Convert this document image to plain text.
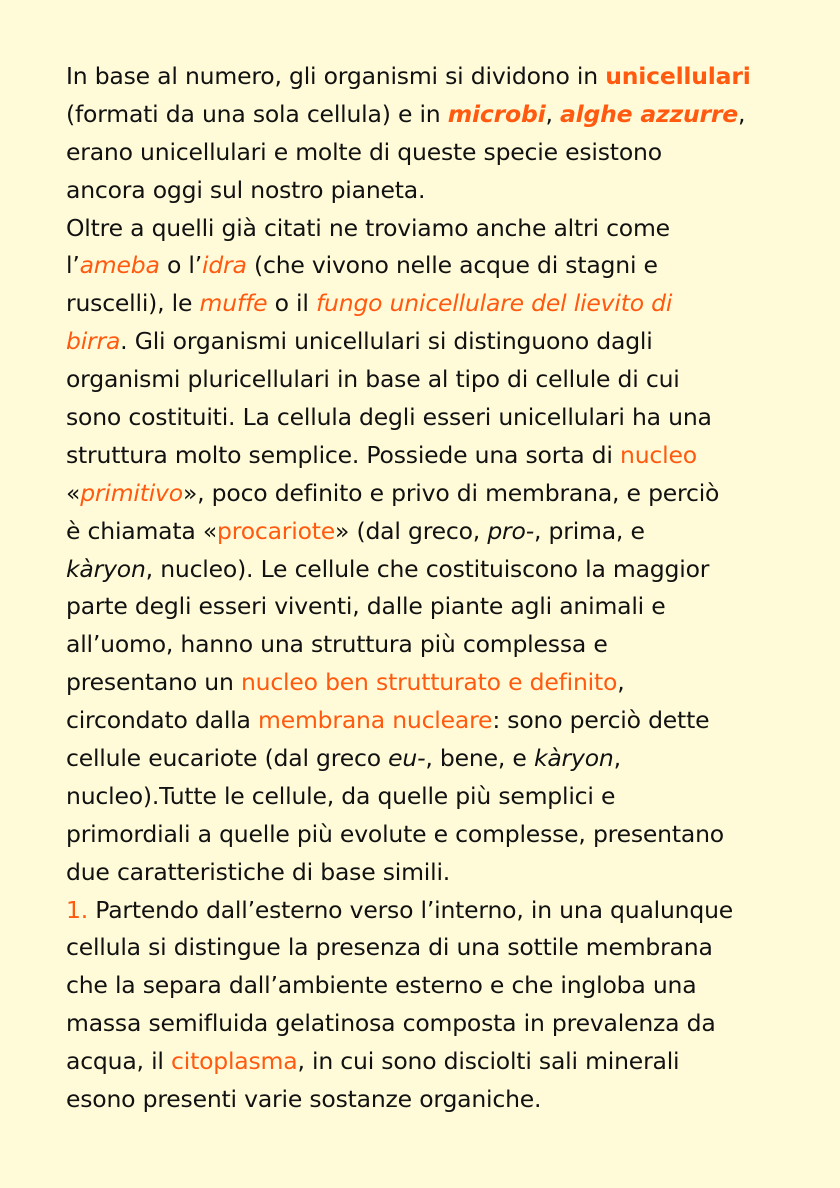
In base al numero, gli organismi si dividono in unicellulari
(formati da una sola cellula) e in microbi, alghe azzurre,
erano unicellulari e molte di queste specie esistono
ancora oggi sul nostro pianeta.
Oltre a quelli già citati ne troviamo anche altri come
l’ameba o l’idra (che vivono nelle acque di stagni e
ruscelli), le muffe o il fungo unicellulare del lievito di
birra. Gli organismi unicellulari si distinguono dagli
organismi pluricellulari in base al tipo di cellule di cui
sono costituiti. La cellula degli esseri unicellulari ha una
struttura molto semplice. Possiede una sorta di nucleo
«primitivo», poco definito e privo di membrana, e perciò
è chiamata «procariote» (dal greco, pro-, prima, e
kàryon, nucleo). Le cellule che costituiscono la maggior
parte degli esseri viventi, dalle piante agli animali e
all’uomo, hanno una struttura più complessa e
presentano un nucleo ben strutturato e definito,
circondato dalla membrana nucleare: sono perciò dette
cellule eucariote (dal greco eu-, bene, e kàryon,
nucleo).Tutte le cellule, da quelle più semplici e
primordiali a quelle più evolute e complesse, presentano
due caratteristiche di base simili.
1. Partendo dall’esterno verso l’interno, in una qualunque
cellula si distingue la presenza di una sottile membrana
che la separa dall’ambiente esterno e che ingloba una
massa semifluida gelatinosa composta in prevalenza da
acqua, il citoplasma, in cui sono disciolti sali minerali
esono presenti varie sostanze organiche.
